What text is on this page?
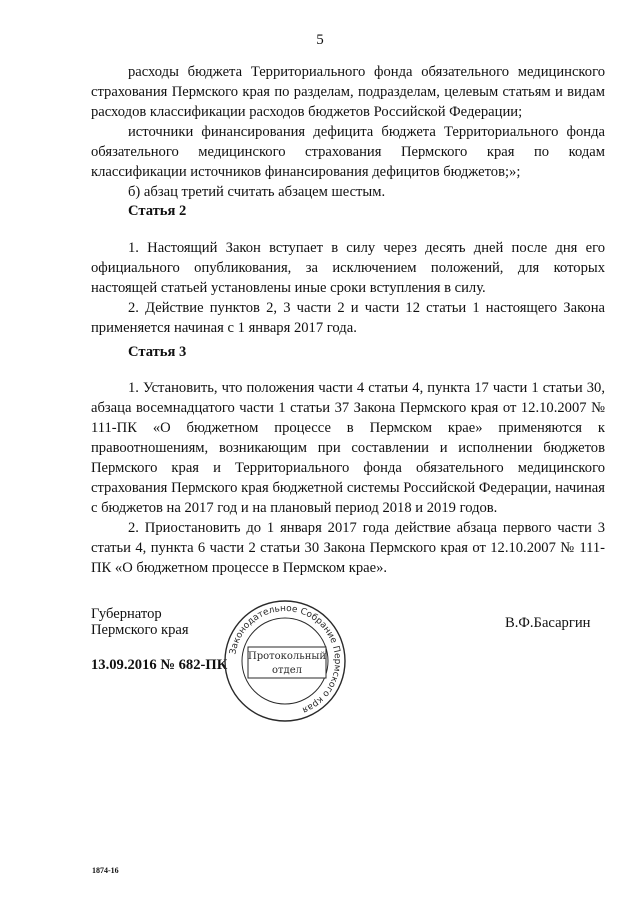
5

расходы бюджета Территориального фонда обязательного медицинского страхования Пермского края по разделам, подразделам, целевым статьям и видам расходов классификации расходов бюджетов Российской Федерации;

источники финансирования дефицита бюджета Территориального фонда обязательного медицинского страхования Пермского края по кодам классификации источников финансирования дефицитов бюджетов;»;

б) абзац третий считать абзацем шестым.

Статья 2

1. Настоящий Закон вступает в силу через десять дней после дня его официального опубликования, за исключением положений, для которых настоящей статьей установлены иные сроки вступления в силу.

2. Действие пунктов 2, 3 части 2 и части 12 статьи 1 настоящего Закона применяется начиная с 1 января 2017 года.

Статья 3

1. Установить, что положения части 4 статьи 4, пункта 17 части 1 статьи 30, абзаца восемнадцатого части 1 статьи 37 Закона Пермского края от 12.10.2007 № 111-ПК «О бюджетном процессе в Пермском крае» применяются к правоотношениям, возникающим при составлении и исполнении бюджетов Пермского края и Территориального фонда обязательного медицинского страхования Пермского края бюджетной системы Российской Федерации, начиная с бюджетов на 2017 год и на плановый период 2018 и 2019 годов.

2. Приостановить до 1 января 2017 года действие абзаца первого части 3 статьи 4, пункта 6 части 2 статьи 30 Закона Пермского края от 12.10.2007 № 111-ПК «О бюджетном процессе в Пермском крае».

Губернатор
Пермского края	В.Ф.Басаргин
13.09.2016 № 682-ПК
Законодательное Собрание Пермского края
Протокольный
отдел
1874-16
